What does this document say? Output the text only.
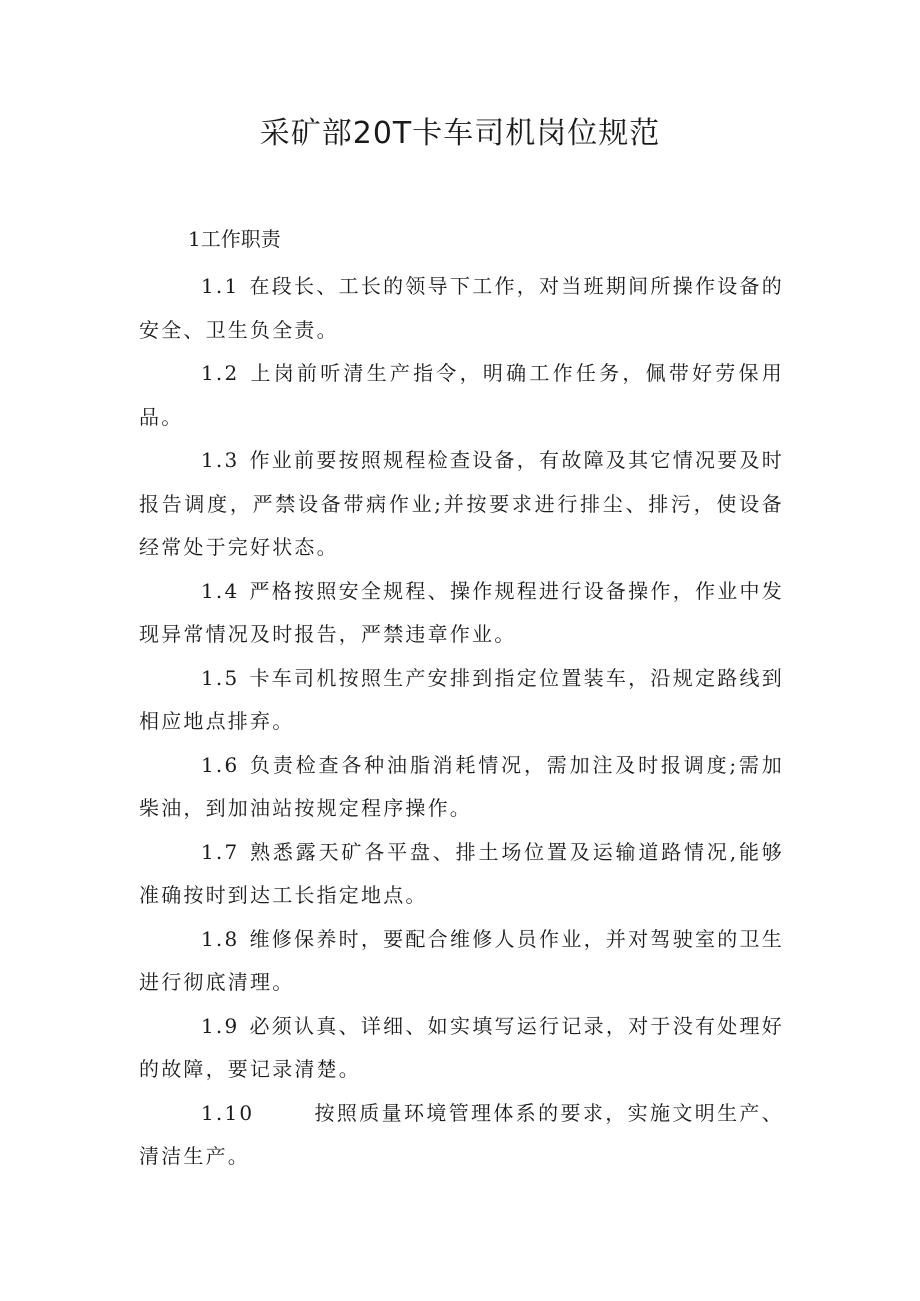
采矿部20T卡车司机岗位规范
1工作职责

1.1 在段长、工长的领导下工作，对当班期间所操作设备的安全、卫生负全责。

1.2 上岗前听清生产指令，明确工作任务，佩带好劳保用品。

1.3 作业前要按照规程检查设备，有故障及其它情况要及时报告调度，严禁设备带病作业;并按要求进行排尘、排污，使设备经常处于完好状态。

1.4 严格按照安全规程、操作规程进行设备操作，作业中发现异常情况及时报告，严禁违章作业。

1.5 卡车司机按照生产安排到指定位置装车，沿规定路线到相应地点排弃。

1.6 负责检查各种油脂消耗情况，需加注及时报调度;需加柴油，到加油站按规定程序操作。

1.7 熟悉露天矿各平盘、排土场位置及运输道路情况,能够准确按时到达工长指定地点。

1.8 维修保养时，要配合维修人员作业，并对驾驶室的卫生进行彻底清理。

1.9 必须认真、详细、如实填写运行记录，对于没有处理好的故障，要记录清楚。

1.10	按照质量环境管理体系的要求，实施文明生产、清洁生产。
